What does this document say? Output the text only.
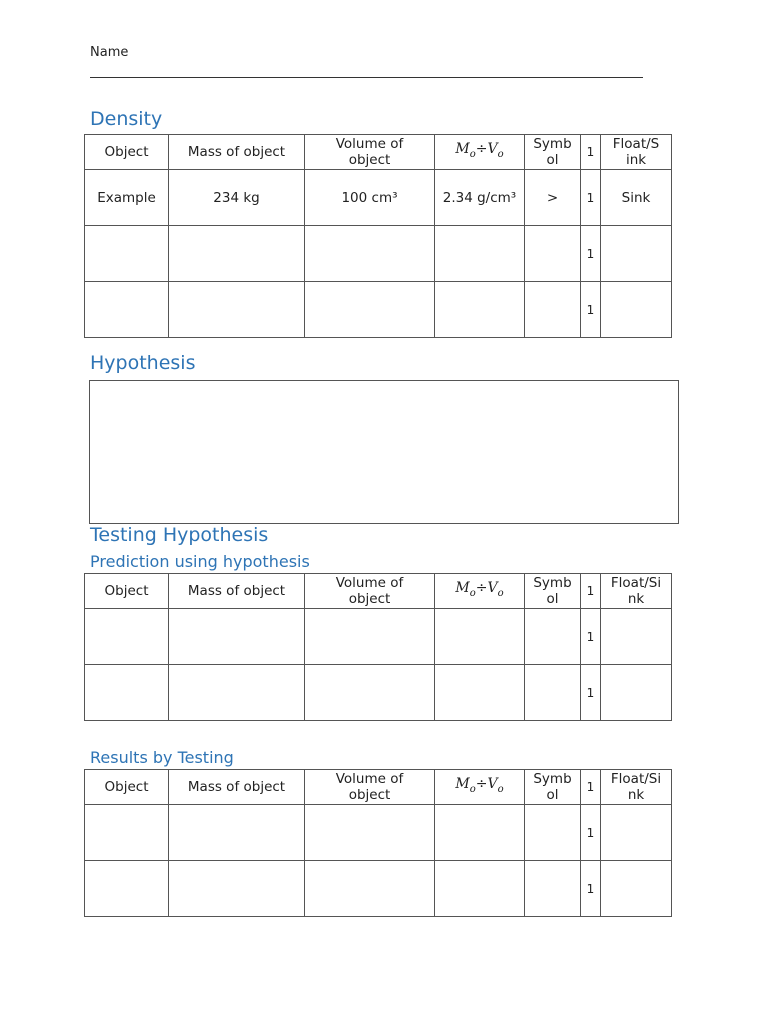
Name
Density
Object	Mass of object	Volume of object	$M_o\div V_o$	Symb ol	1	Float/S ink
Example	234 kg	100 cm³	2.34 g/cm³	>	1	Sink
					1	
					1	
Hypothesis
Testing Hypothesis
Prediction using hypothesis
Object	Mass of object	Volume of object	$M_o\div V_o$	Symb ol	1	Float/Si nk
					1	
					1	
Results by Testing
Object	Mass of object	Volume of object	$M_o\div V_o$	Symb ol	1	Float/Si nk
					1	
					1	
